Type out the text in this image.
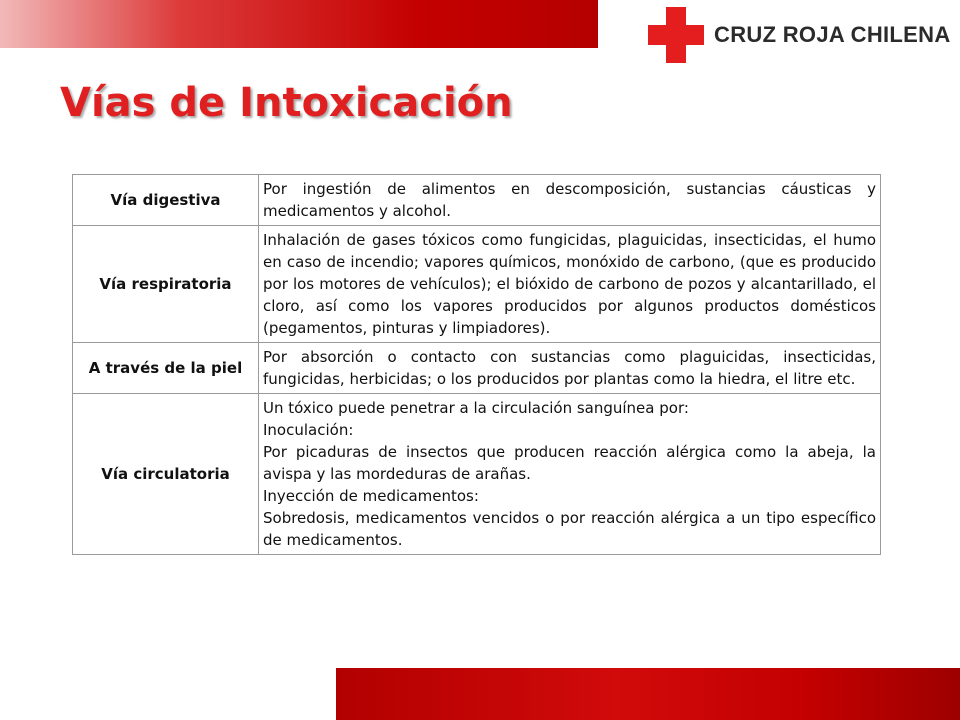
CRUZ ROJA CHILENA
Vías de Intoxicación
Vía digestiva	Por ingestión de alimentos en descomposición, sustancias cáusticas y medicamentos y alcohol.
Vía respiratoria	Inhalación de gases tóxicos como fungicidas, plaguicidas, insecticidas, el humo en caso de incendio; vapores químicos, monóxido de carbono, (que es producido por los motores de vehículos); el bióxido de carbono de pozos y alcantarillado, el cloro, así como los vapores producidos por algunos productos domésticos (pegamentos, pinturas y limpiadores).
A través de la piel	Por absorción o contacto con sustancias como plaguicidas, insecticidas, fungicidas, herbicidas; o los producidos por plantas como la hiedra, el litre etc.
Vía circulatoria	Un tóxico puede penetrar a la circulación sanguínea por:
Inoculación:
Por picaduras de insectos que producen reacción alérgica como la abeja, la avispa y las mordeduras de arañas.
Inyección de medicamentos:
Sobredosis, medicamentos vencidos o por reacción alérgica a un tipo específico de medicamentos.
